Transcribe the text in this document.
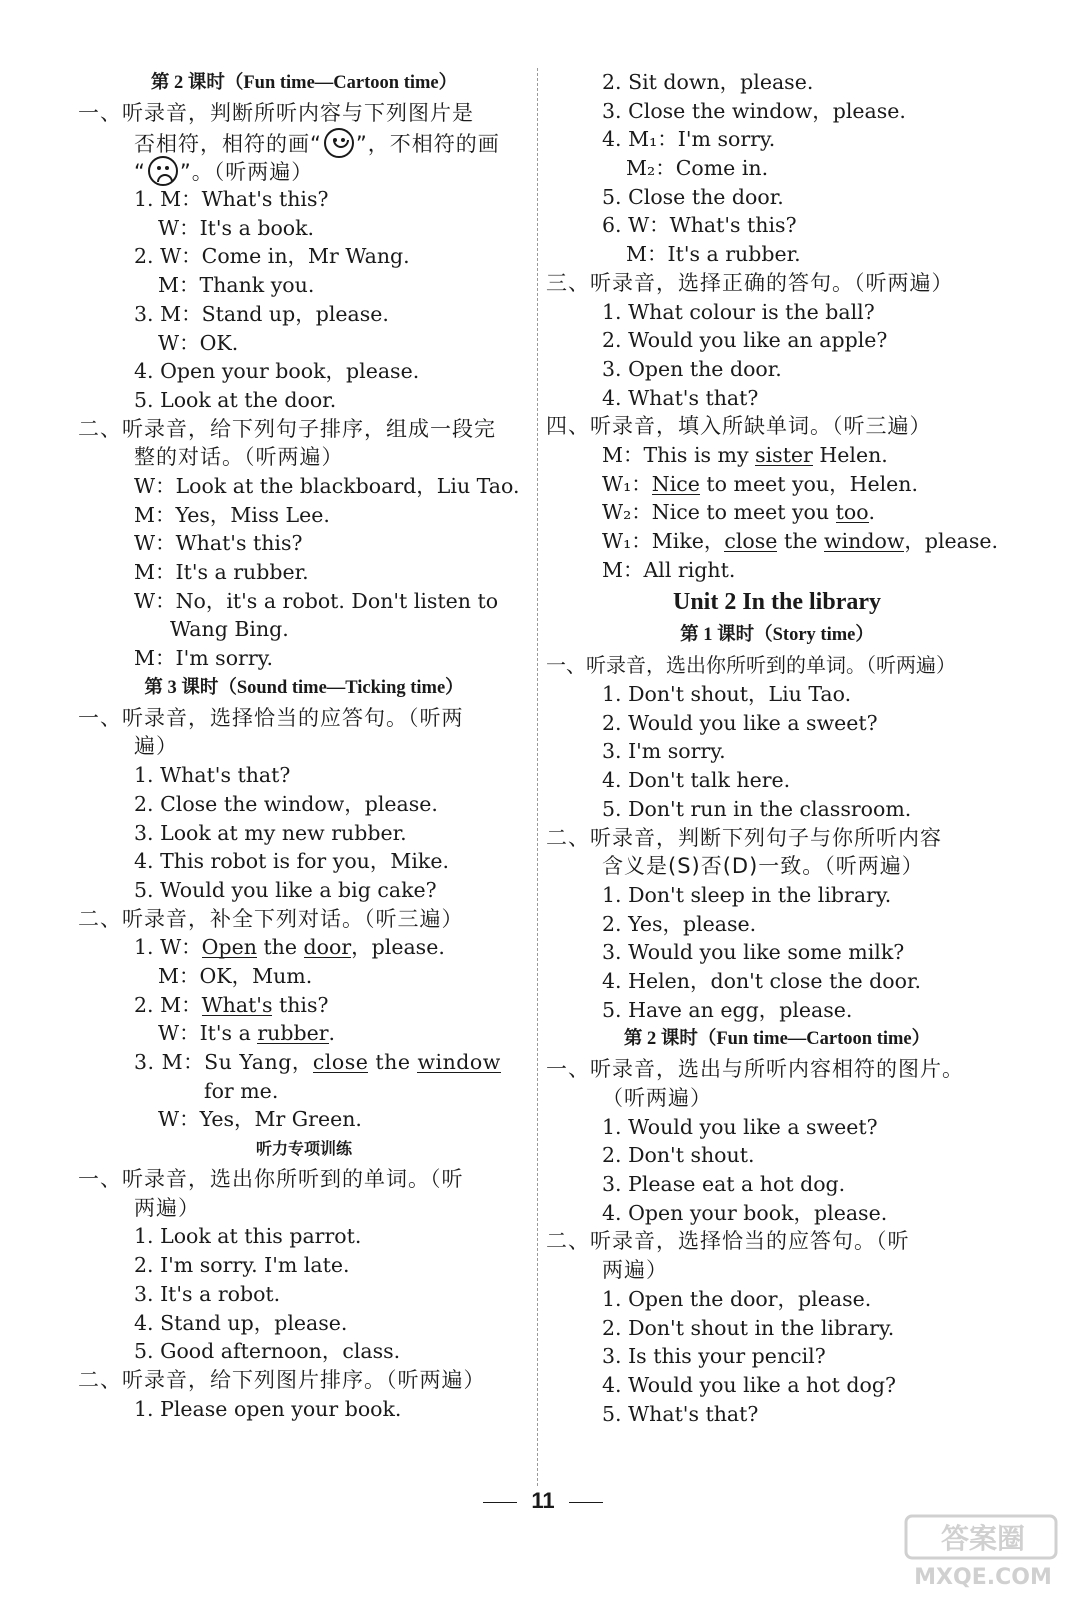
第 2 课时（Fun time—Cartoon time）
一、听录音，判断所听内容与下列图片是
否相符，相符的画“ ”，不相符的画
“ ”。（听两遍）
1. M：What's this?
W：It's a book.
2. W：Come in，Mr Wang.
M：Thank you.
3. M：Stand up，please.
W：OK.
4. Open your book，please.
5. Look at the door.
二、听录音，给下列句子排序，组成一段完
整的对话。（听两遍）
W：Look at the blackboard，Liu Tao.
M：Yes，Miss Lee.
W：What's this?
M：It's a rubber.
W：No，it's a robot. Don't listen to
Wang Bing.
M：I'm sorry.
第 3 课时（Sound time—Ticking time）
一、听录音，选择恰当的应答句。（听两
遍）
1. What's that?
2. Close the window，please.
3. Look at my new rubber.
4. This robot is for you，Mike.
5. Would you like a big cake?
二、听录音，补全下列对话。（听三遍）
1. W：Open the door，please.
M：OK，Mum.
2. M：What's this?
W：It's a rubber.
3. M：Su Yang，close the window
for me.
W：Yes，Mr Green.
听力专项训练
一、听录音，选出你所听到的单词。（听
两遍）
1. Look at this parrot.
2. I'm sorry. I'm late.
3. It's a robot.
4. Stand up，please.
5. Good afternoon，class.
二、听录音，给下列图片排序。（听两遍）
1. Please open your book.
2. Sit down，please.
3. Close the window，please.
4. M₁：I'm sorry.
M₂：Come in.
5. Close the door.
6. W：What's this?
M：It's a rubber.
三、听录音，选择正确的答句。（听两遍）
1. What colour is the ball?
2. Would you like an apple?
3. Open the door.
4. What's that?
四、听录音，填入所缺单词。（听三遍）
M：This is my sister Helen.
W₁：Nice to meet you，Helen.
W₂：Nice to meet you too.
W₁：Mike，close the window，please.
M：All right.
Unit 2 In the library
第 1 课时（Story time）
一、听录音，选出你所听到的单词。（听两遍）
1. Don't shout，Liu Tao.
2. Would you like a sweet?
3. I'm sorry.
4. Don't talk here.
5. Don't run in the classroom.
二、听录音，判断下列句子与你所听内容
含义是(S)否(D)一致。（听两遍）
1. Don't sleep in the library.
2. Yes，please.
3. Would you like some milk?
4. Helen，don't close the door.
5. Have an egg，please.
第 2 课时（Fun time—Cartoon time）
一、听录音，选出与所听内容相符的图片。
（听两遍）
1. Would you like a sweet?
2. Don't shout.
3. Please eat a hot dog.
4. Open your book，please.
二、听录音，选择恰当的应答句。（听
两遍）
1. Open the door，please.
2. Don't shout in the library.
3. Is this your pencil?
4. Would you like a hot dog?
5. What's that?
11
答案圈
MXQE.COM
